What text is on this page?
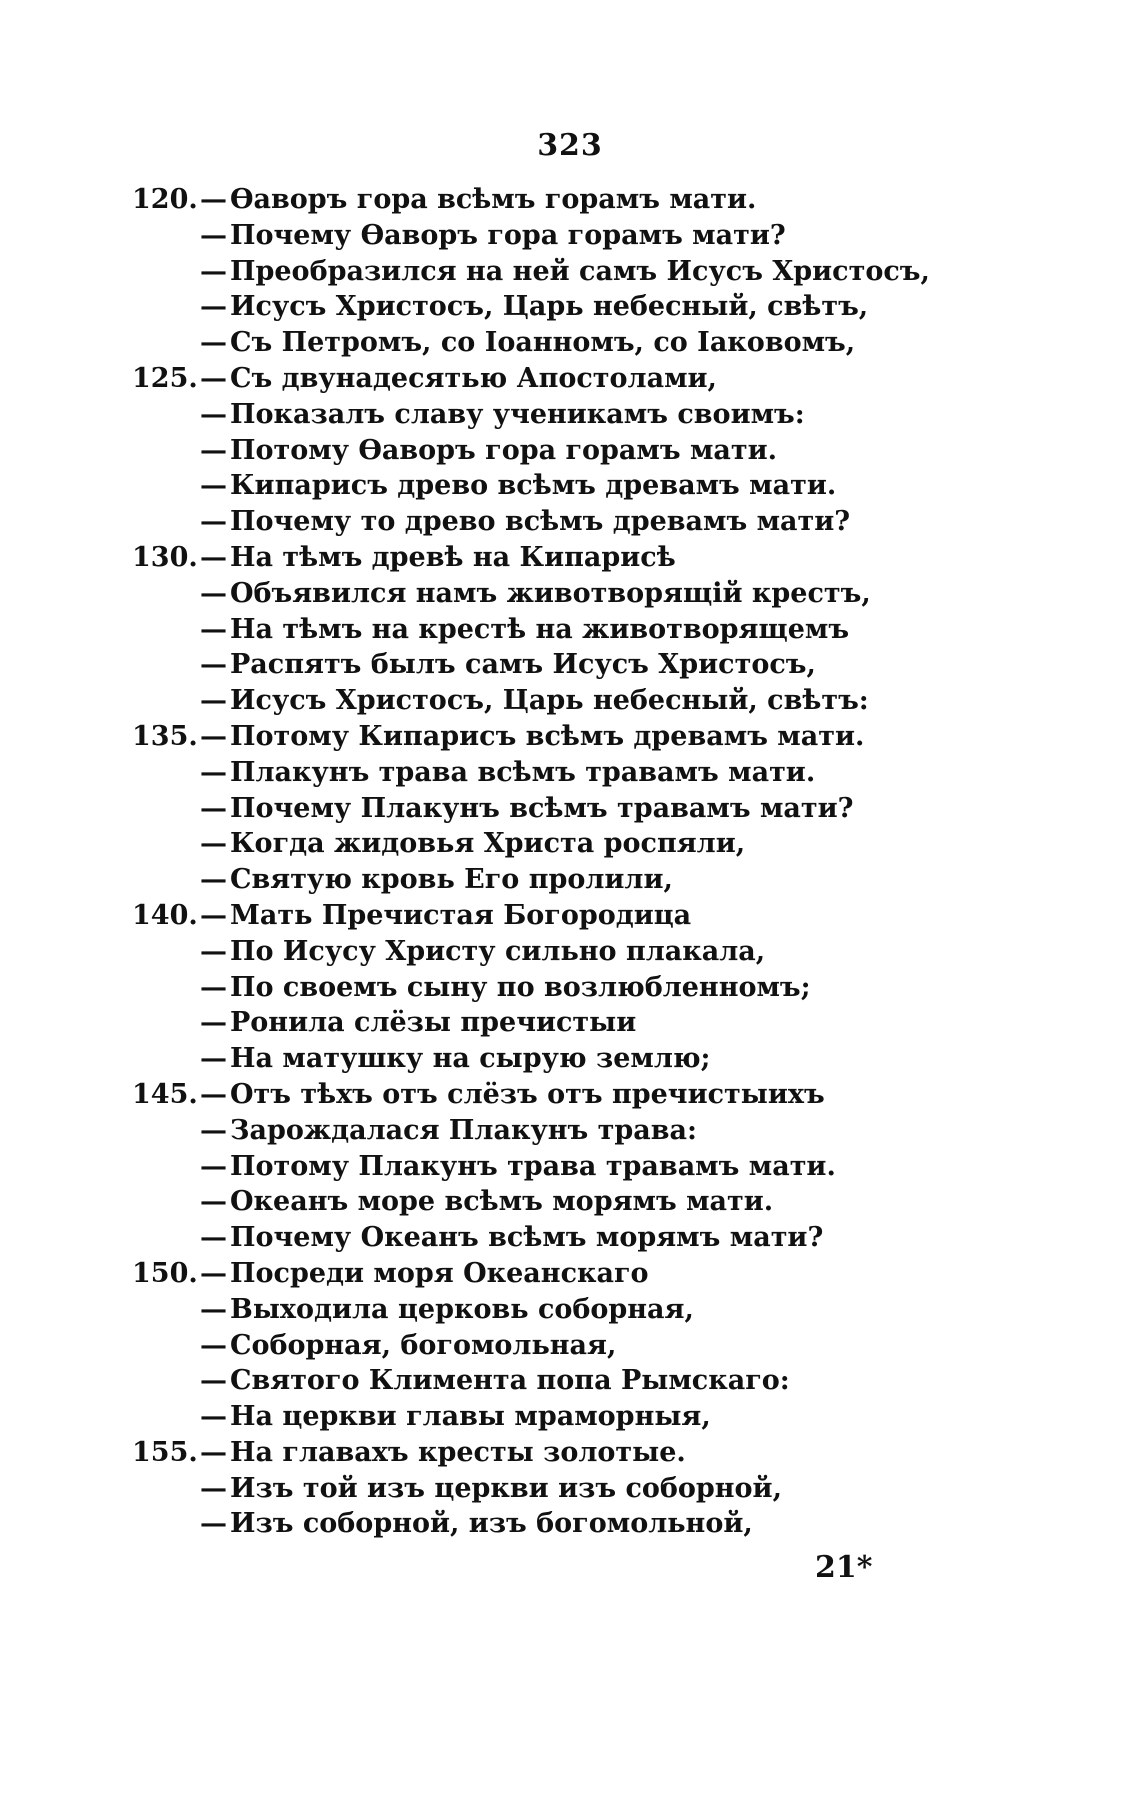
323
120. — Өаворъ гора всѣмъ горамъ мати.
— Почему Өаворъ гора горамъ мати?
— Преобразился на ней самъ Исусъ Христосъ,
— Исусъ Христосъ, Царь небесный, свѣтъ,
— Съ Петромъ, со Іоанномъ, со Іаковомъ,
125. — Съ двунадесятью Апостолами,
— Показалъ славу ученикамъ своимъ:
— Потому Өаворъ гора горамъ мати.
— Кипарисъ древо всѣмъ древамъ мати.
— Почему то древо всѣмъ древамъ мати?
130. — На тѣмъ древѣ на Кипарисѣ
— Объявился намъ животворящій крестъ,
— На тѣмъ на крестѣ на животворящемъ
— Распятъ былъ самъ Исусъ Христосъ,
— Исусъ Христосъ, Царь небесный, свѣтъ:
135. — Потому Кипарисъ всѣмъ древамъ мати.
— Плакунъ трава всѣмъ травамъ мати.
— Почему Плакунъ всѣмъ травамъ мати?
— Когда жидовья Христа роспяли,
— Святую кровь Его пролили,
140. — Мать Пречистая Богородица
— По Исусу Христу сильно плакала,
— По своемъ сыну по возлюбленномъ;
— Ронила слёзы пречистыи
— На матушку на сырую землю;
145. — Отъ тѣхъ отъ слёзъ отъ пречистыихъ
— Зарождалася Плакунъ трава:
— Потому Плакунъ трава травамъ мати.
— Океанъ море всѣмъ морямъ мати.
— Почему Океанъ всѣмъ морямъ мати?
150. — Посреди моря Океанскаго
— Выходила церковь соборная,
— Соборная, богомольная,
— Святого Климента попа Рымскаго:
— На церкви главы мраморныя,
155. — На главахъ кресты золотые.
— Изъ той изъ церкви изъ соборной,
— Изъ соборной, изъ богомольной,
21*
